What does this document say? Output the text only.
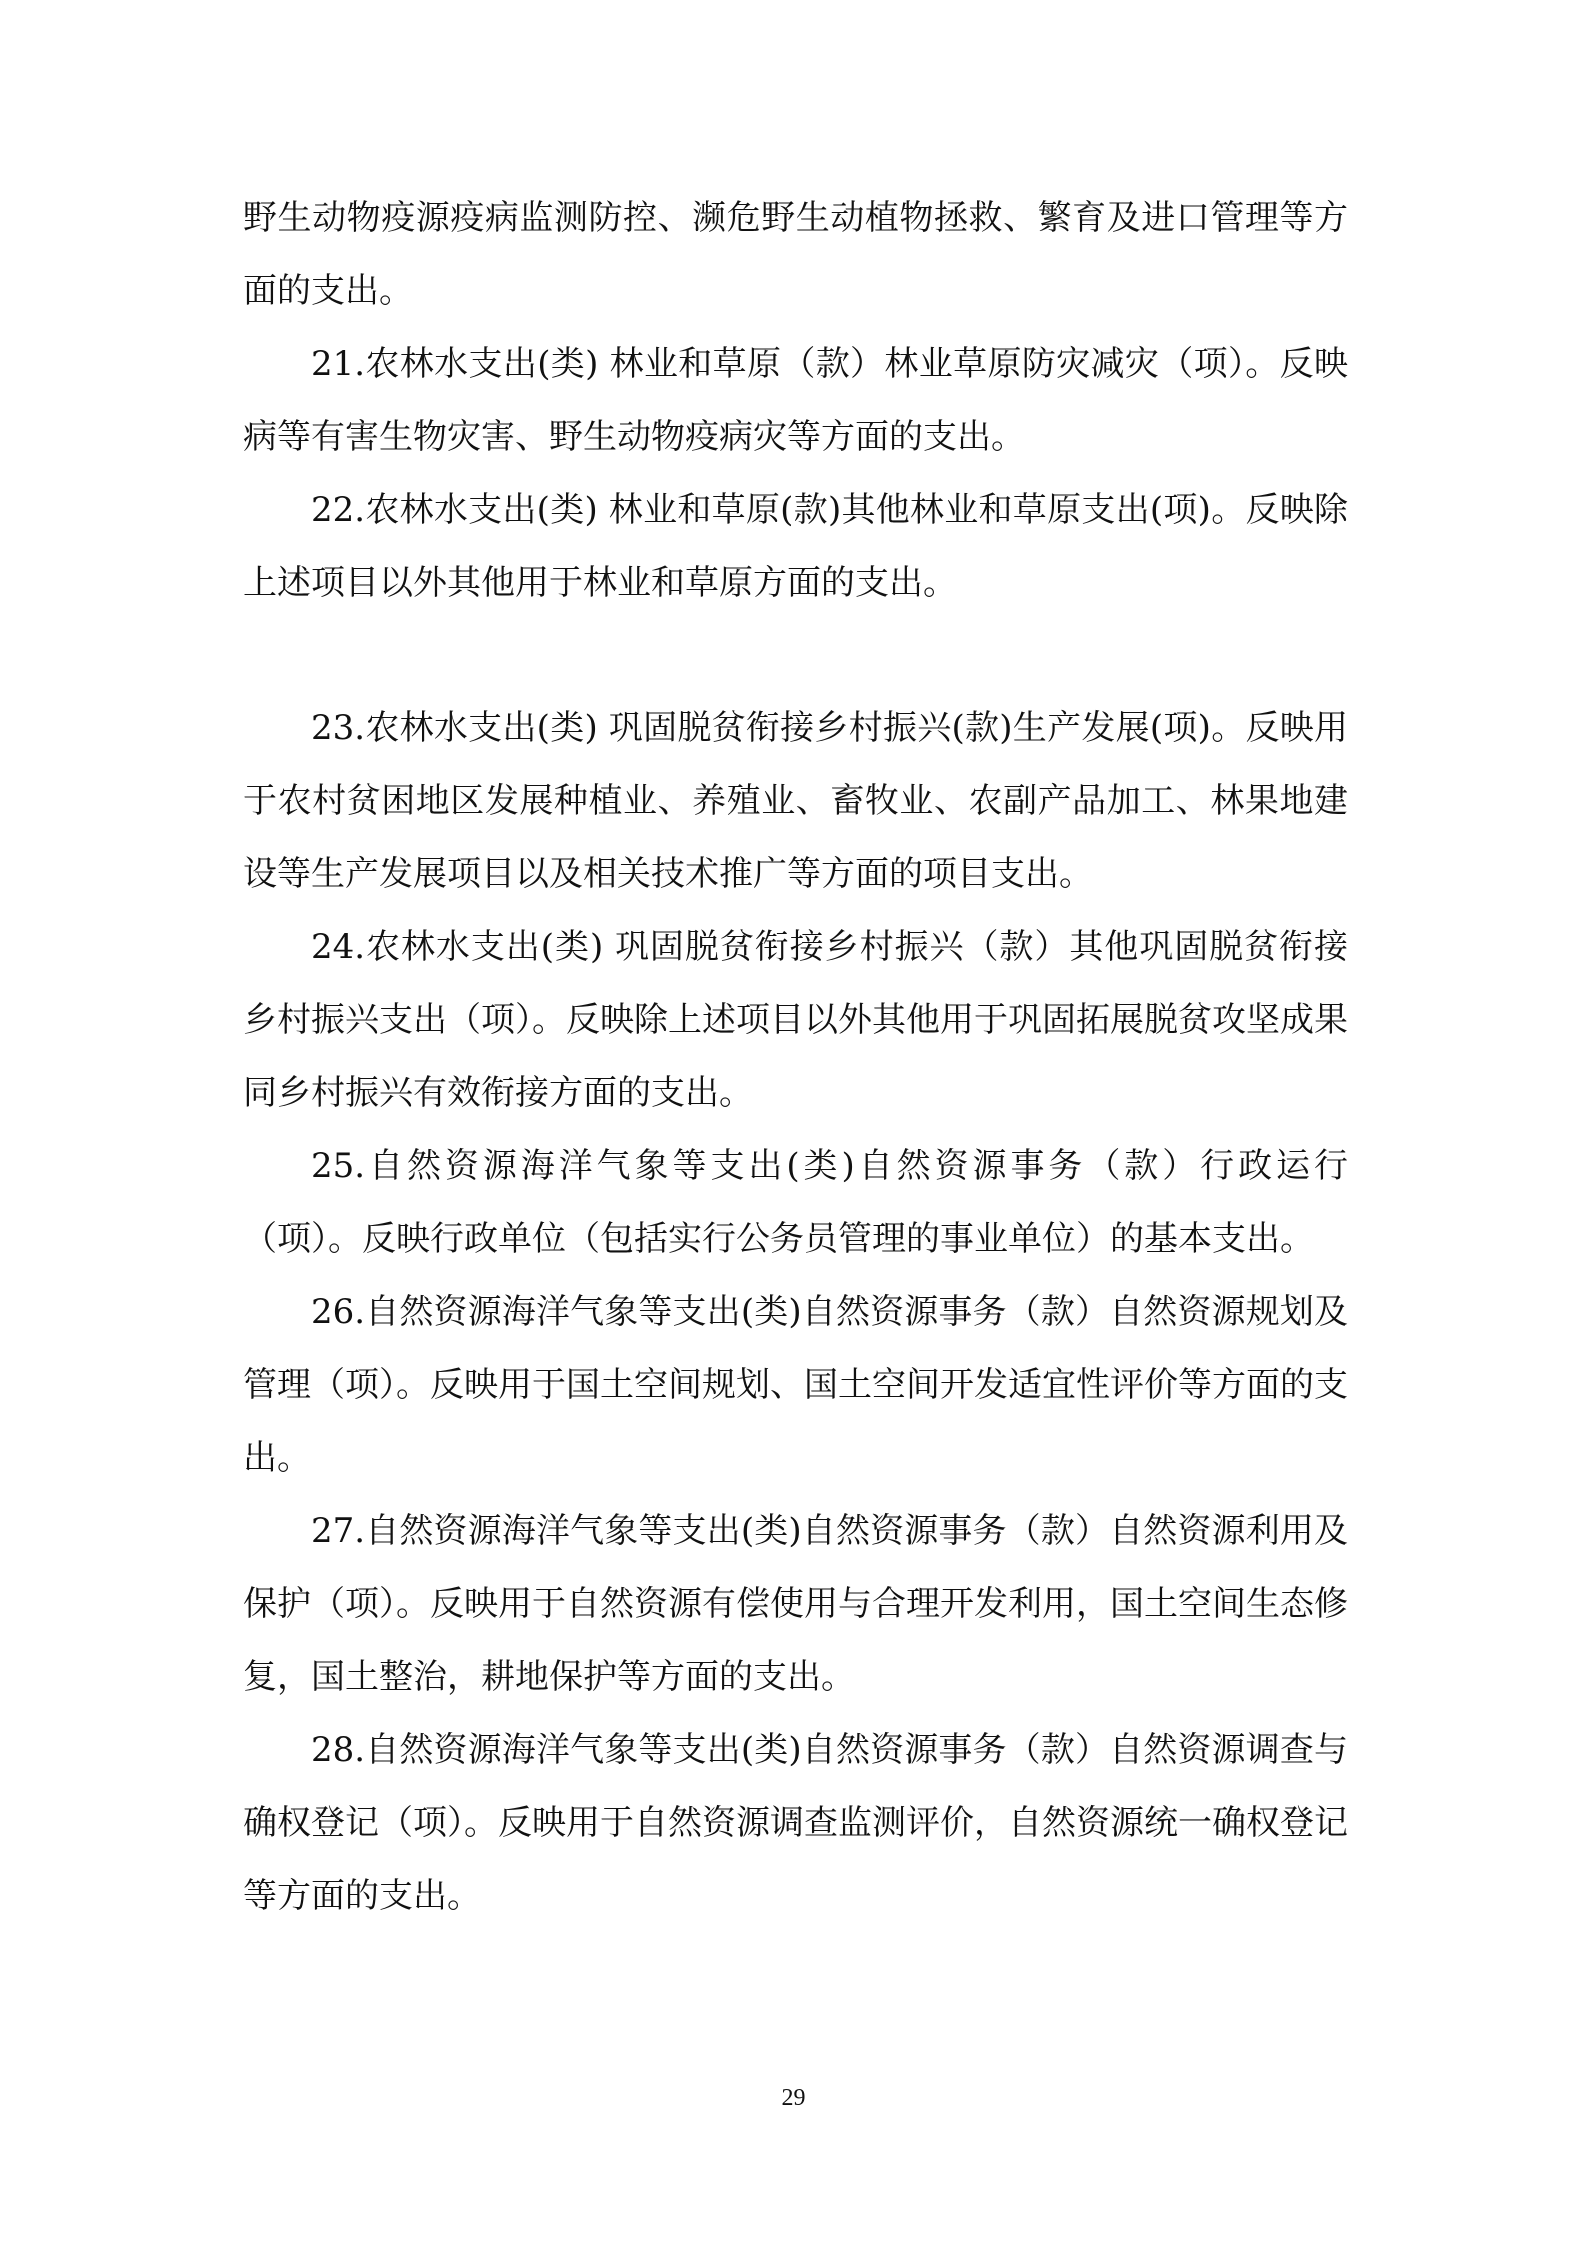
野生动物疫源疫病监测防控、濒危野生动植物拯救、繁育及进口管理等方面的支出。

21.农林水支出(类) 林业和草原（款）林业草原防灾减灾（项）。反映病等有害生物灾害、野生动物疫病灾等方面的支出。

22.农林水支出(类) 林业和草原(款)其他林业和草原支出(项)。反映除上述项目以外其他用于林业和草原方面的支出。

23.农林水支出(类) 巩固脱贫衔接乡村振兴(款)生产发展(项)。反映用于农村贫困地区发展种植业、养殖业、畜牧业、农副产品加工、林果地建设等生产发展项目以及相关技术推广等方面的项目支出。

24.农林水支出(类) 巩固脱贫衔接乡村振兴（款）其他巩固脱贫衔接乡村振兴支出（项）。反映除上述项目以外其他用于巩固拓展脱贫攻坚成果同乡村振兴有效衔接方面的支出。

25.自然资源海洋气象等支出(类)自然资源事务（款）行政运行（项）。反映行政单位（包括实行公务员管理的事业单位）的基本支出。

26.自然资源海洋气象等支出(类)自然资源事务（款）自然资源规划及管理（项）。反映用于国土空间规划、国土空间开发适宜性评价等方面的支出。

27.自然资源海洋气象等支出(类)自然资源事务（款）自然资源利用及保护（项）。反映用于自然资源有偿使用与合理开发利用，国土空间生态修复，国土整治，耕地保护等方面的支出。

28.自然资源海洋气象等支出(类)自然资源事务（款）自然资源调查与确权登记（项）。反映用于自然资源调查监测评价，自然资源统一确权登记等方面的支出。

29
